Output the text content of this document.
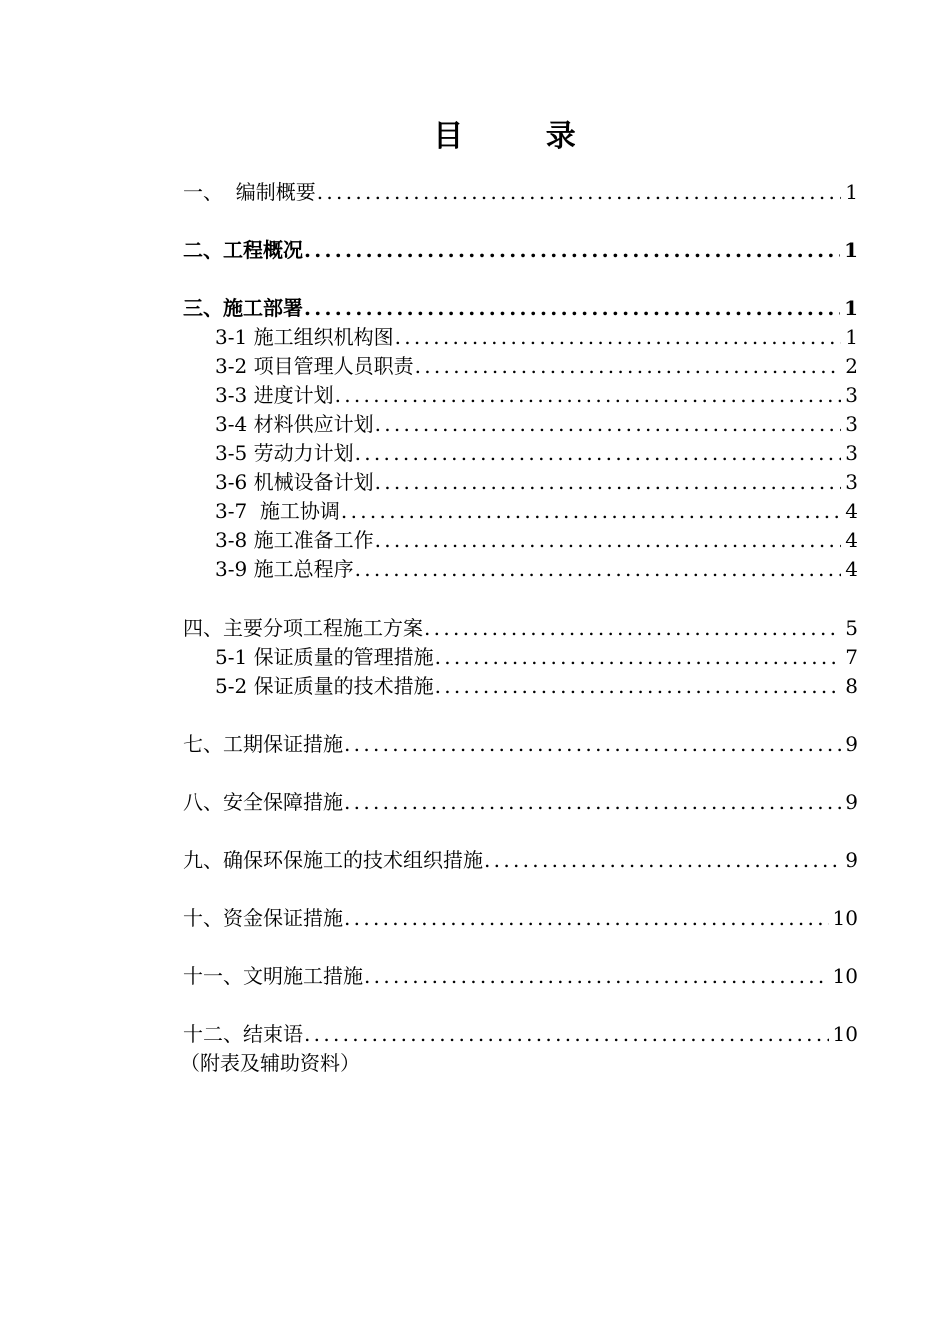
目 录
一、  编制概要 .....	1
二、工程概况 .....	1
三、施工部署 .....	1
3-1 施工组织机构图 .....	1
3-2 项目管理人员职责 .....	2
3-3 进度计划 .....	3
3-4 材料供应计划 .....	3
3-5 劳动力计划 .....	3
3-6 机械设备计划 .....	3
3-7  施工协调 .....	4
3-8 施工准备工作 .....	4
3-9 施工总程序 .....	4
四、主要分项工程施工方案 .....	5
5-1 保证质量的管理措施 .....	7
5-2 保证质量的技术措施 .....	8
七、工期保证措施 .....	9
八、安全保障措施 .....	9
九、确保环保施工的技术组织措施 .....	9
十、资金保证措施 .....	10
十一、文明施工措施 .....	10
十二、结束语 .....	10
（附表及辅助资料）
